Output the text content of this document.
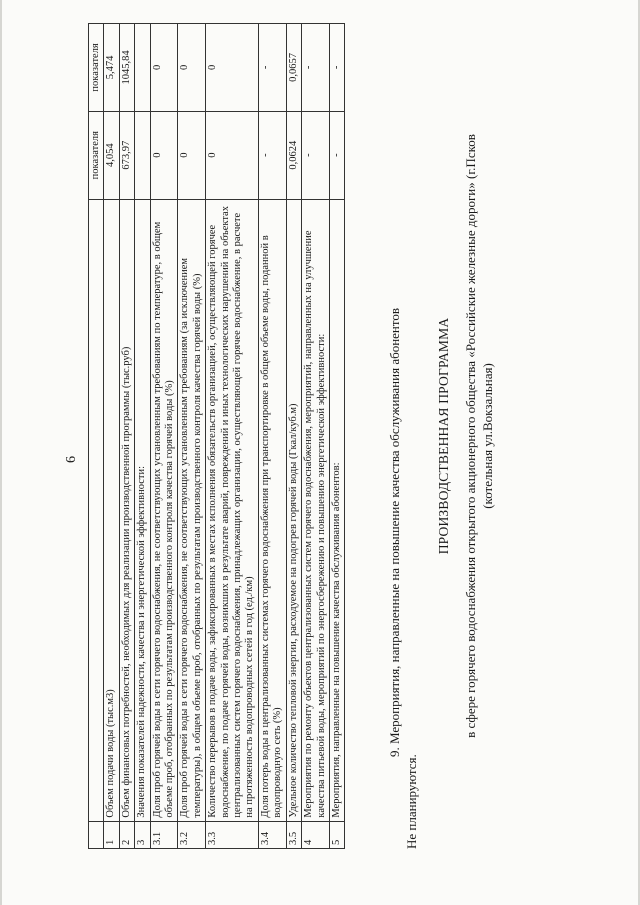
6
		показателя	показателя
1	Объем подачи воды (тыс.м3)	4,054	5,474
2	Объем финансовых потребностей, необходимых для реализации производственной программы (тыс.руб)	673,97	1045,84
3	Значения показателей надежности, качества и энергетической эффективности:		
3.1	Доля проб горячей воды в сети горячего водоснабжения, не соответствующих установленным требованиям по температуре, в общем объеме проб, отобранных по результатам производственного контроля качества горячей воды (%)	0	0
3.2	Доля проб горячей воды в сети горячего водоснабжения, не соответствующих установленным требованиям (за исключением температуры), в общем объеме проб, отобранных по результатам производственного контроля качества горячей воды (%)	0	0
3.3	Количество перерывов в подаче воды, зафиксированных в местах исполнения обязательств организацией, осуществляющей горячее водоснабжение, по подаче горячей воды, возникших в результате аварий, повреждений и иных технологических нарушений на объектах централизованных систем горячего водоснабжения, принадлежащих организации, осуществляющей горячее водоснабжение, в расчете на протяженность водопроводных сетей в год (ед./км)	0	0
3.4	Доля потерь воды в централизованных системах горячего водоснабжения при транспортировке в общем объеме воды, поданной в водопроводную сеть (%)	-	-
3.5	Удельное количество тепловой энергии, расходуемое на подогрев горячей воды (Гкал/куб.м)	0,0624	0,0657
4	Мероприятия по ремонту объектов централизованных систем горячего водоснабжения, мероприятий, направленных на улучшение качества питьевой воды, мероприятий по энергосбережению и повышению энергетической эффективности:	-	-
5	Мероприятия, направленные на повышение качества обслуживания абонентов:	-	-
9. Мероприятия, направленные на повышение качества обслуживания абонентов
Не планируются.
ПРОИЗВОДСТВЕННАЯ ПРОГРАММА в сфере горячего водоснабжения открытого акционерного общества «Российские железные дороги» (г.Псков (котельная ул.Вокзальная)
